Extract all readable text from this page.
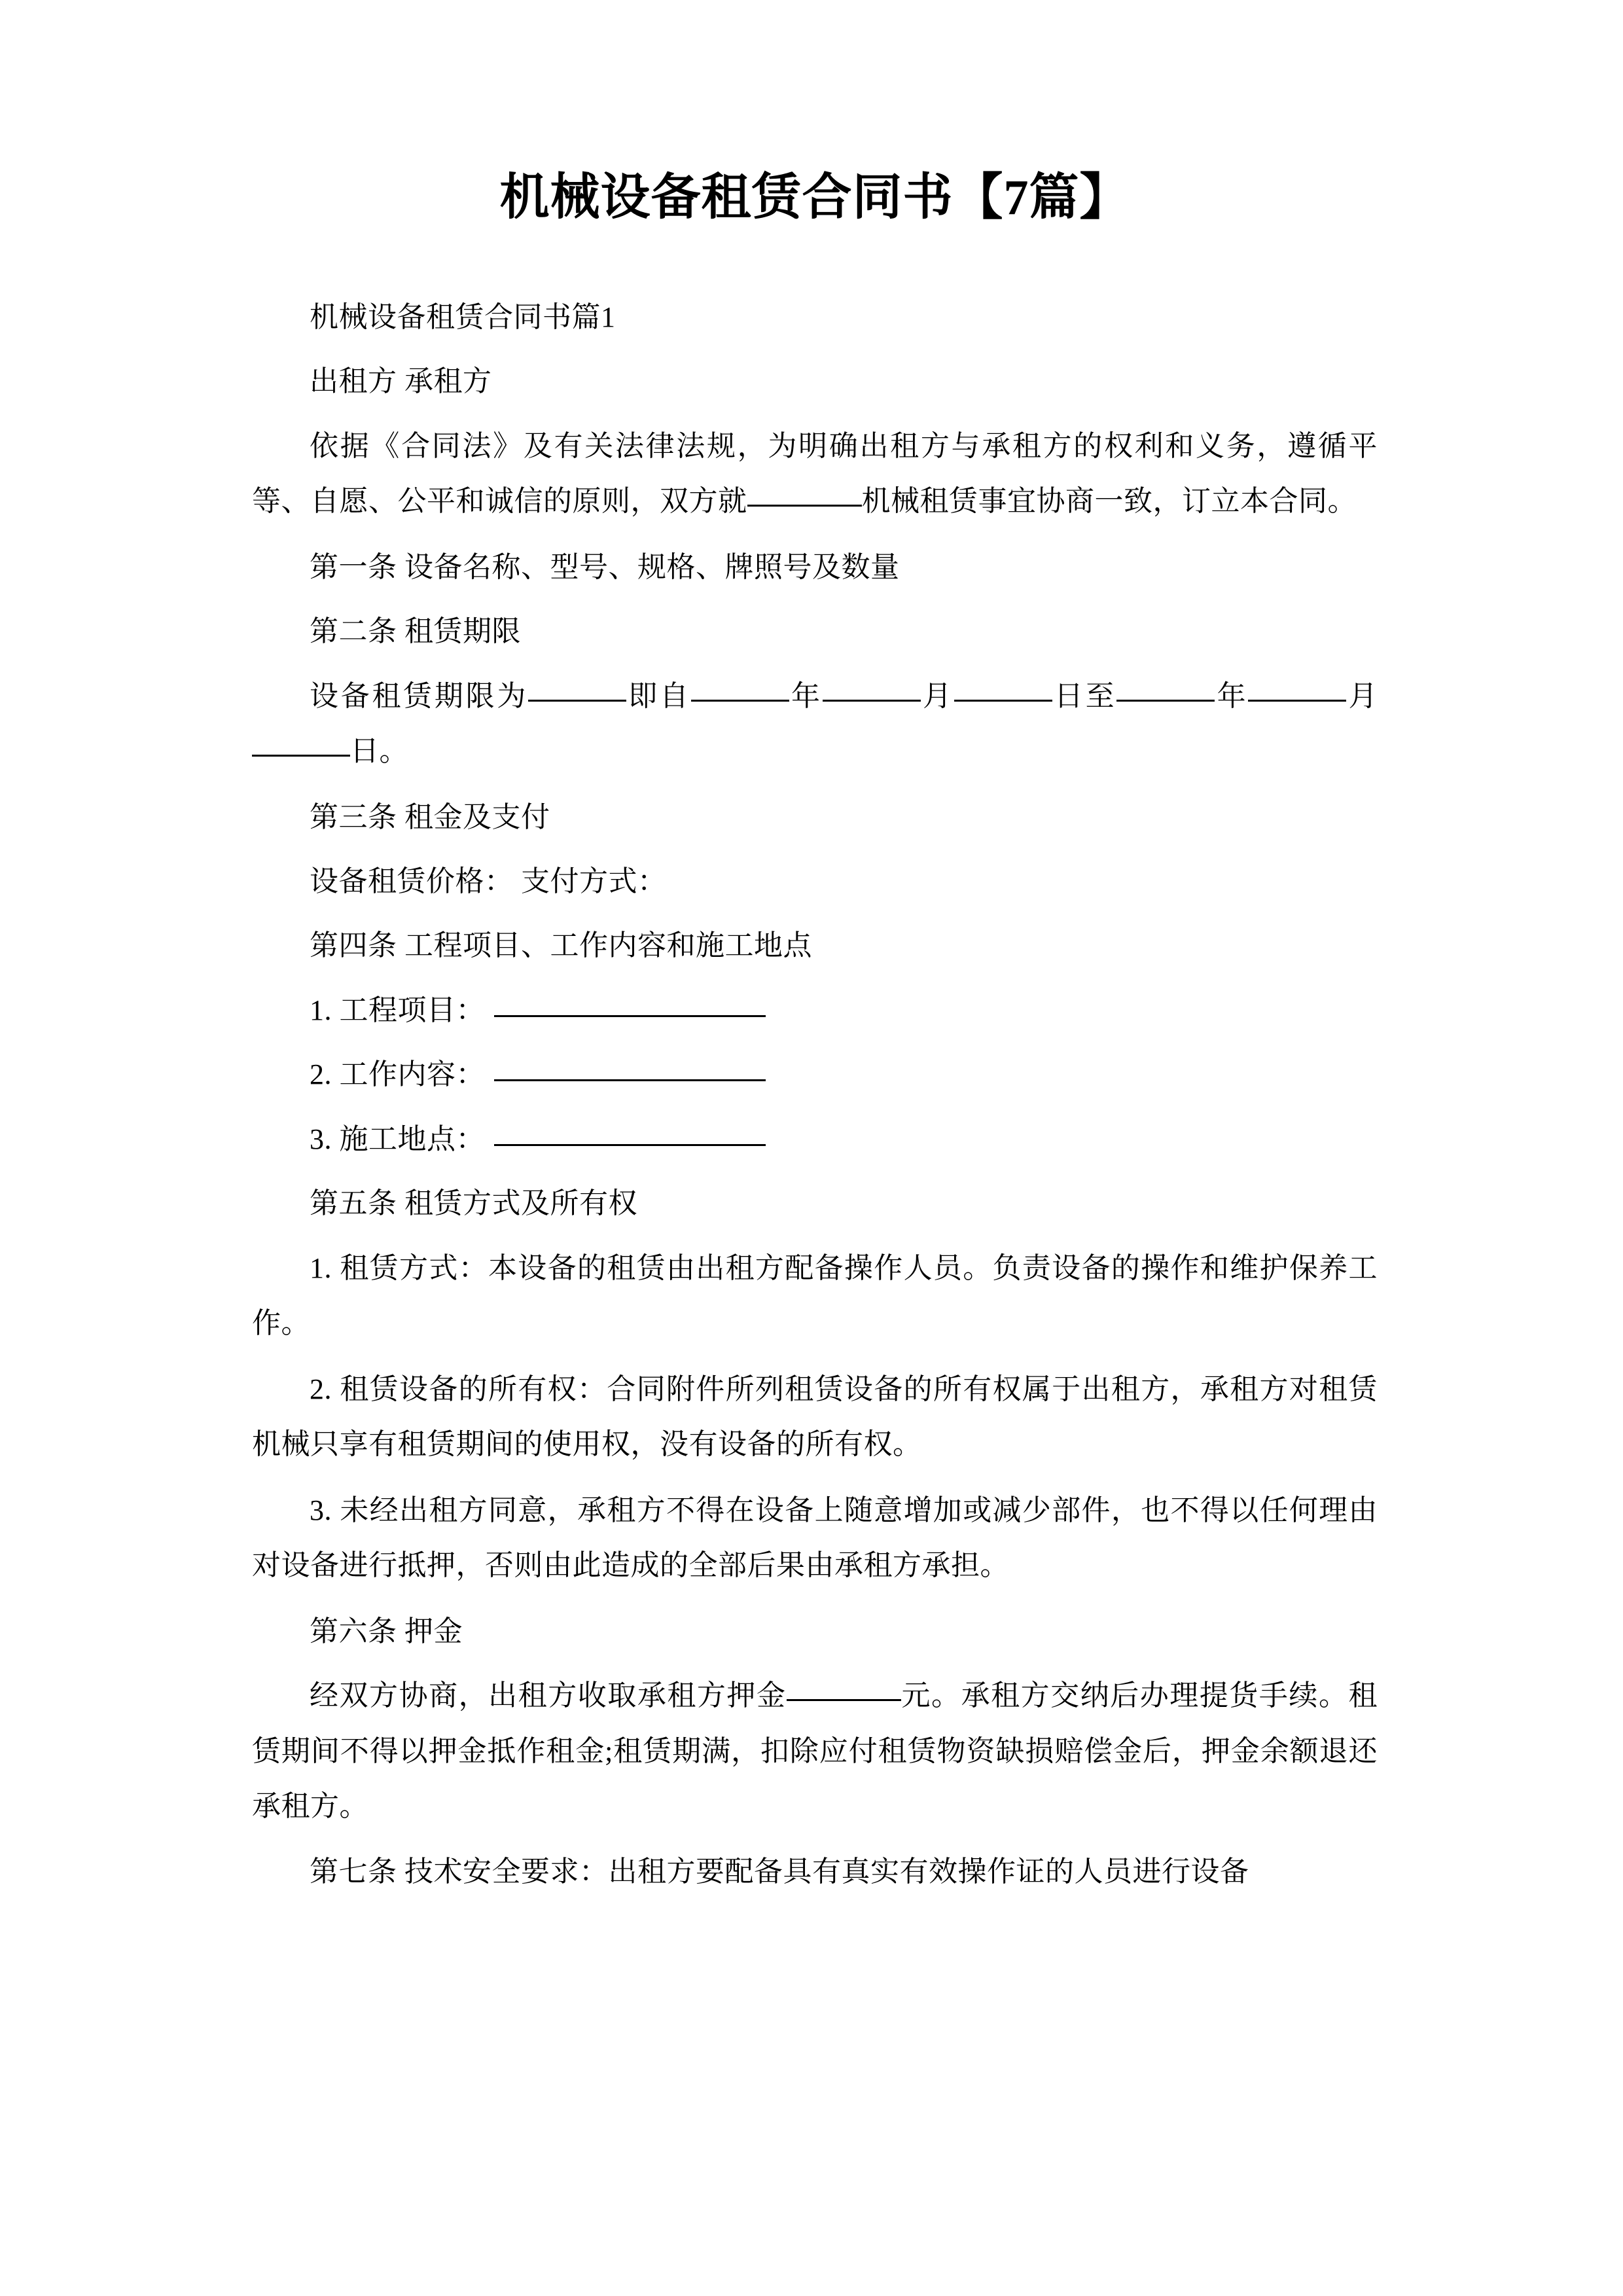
机械设备租赁合同书【7篇】

机械设备租赁合同书篇1

出租方 承租方

依据《合同法》及有关法律法规，为明确出租方与承租方的权利和义务，遵循平等、自愿、公平和诚信的原则，双方就	机械租赁事宜协商一致，订立本合同。

第一条 设备名称、型号、规格、牌照号及数量

第二条 租赁期限

设备租赁期限为	即自	年	月	日至	年	月日。

第三条 租金及支付

设备租赁价格： 支付方式：

第四条 工程项目、工作内容和施工地点

1. 工程项目：

2. 工作内容：

3. 施工地点：

第五条 租赁方式及所有权

1. 租赁方式：本设备的租赁由出租方配备操作人员。负责设备的操作和维护保养工作。

2. 租赁设备的所有权：合同附件所列租赁设备的所有权属于出租方，承租方对租赁机械只享有租赁期间的使用权，没有设备的所有权。

3. 未经出租方同意，承租方不得在设备上随意增加或减少部件，也不得以任何理由对设备进行抵押，否则由此造成的全部后果由承租方承担。

第六条 押金

经双方协商，出租方收取承租方押金	元。承租方交纳后办理提货手续。租赁期间不得以押金抵作租金;租赁期满，扣除应付租赁物资缺损赔偿金后，押金余额退还承租方。

第七条 技术安全要求：出租方要配备具有真实有效操作证的人员进行设备
